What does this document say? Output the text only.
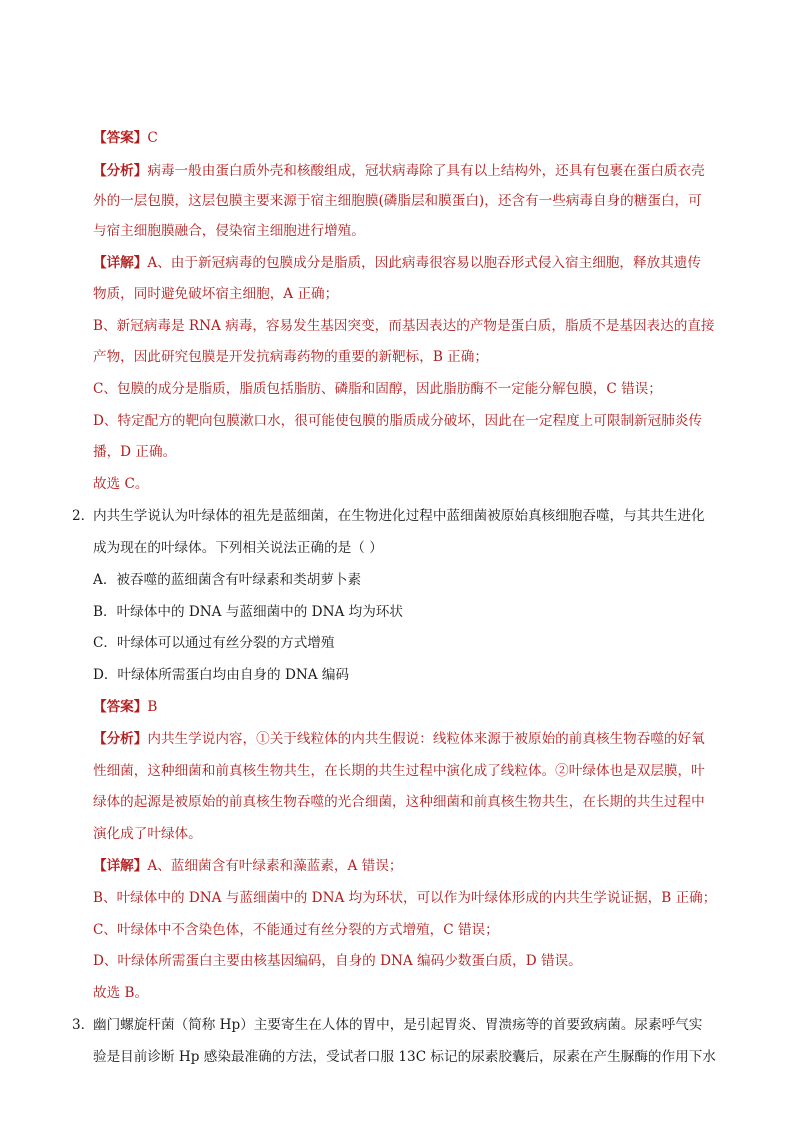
【答案】C
【分析】病毒一般由蛋白质外壳和核酸组成，冠状病毒除了具有以上结构外，还具有包裹在蛋白质衣壳
外的一层包膜，这层包膜主要来源于宿主细胞膜(磷脂层和膜蛋白)，还含有一些病毒自身的糖蛋白，可
与宿主细胞膜融合，侵染宿主细胞进行增殖。
【详解】A、由于新冠病毒的包膜成分是脂质，因此病毒很容易以胞吞形式侵入宿主细胞，释放其遗传
物质，同时避免破坏宿主细胞，A 正确；
B、新冠病毒是 RNA 病毒，容易发生基因突变，而基因表达的产物是蛋白质，脂质不是基因表达的直接
产物，因此研究包膜是开发抗病毒药物的重要的新靶标，B 正确；
C、包膜的成分是脂质，脂质包括脂肪、磷脂和固醇，因此脂肪酶不一定能分解包膜，C 错误；
D、特定配方的靶向包膜漱口水，很可能使包膜的脂质成分破坏，因此在一定程度上可限制新冠肺炎传
播，D 正确。
故选 C。
2．
内共生学说认为叶绿体的祖先是蓝细菌，在生物进化过程中蓝细菌被原始真核细胞吞噬，与其共生进化
成为现在的叶绿体。下列相关说法正确的是（ ）
A．被吞噬的蓝细菌含有叶绿素和类胡萝卜素
B．叶绿体中的 DNA 与蓝细菌中的 DNA 均为环状
C．叶绿体可以通过有丝分裂的方式增殖
D．叶绿体所需蛋白均由自身的 DNA 编码
【答案】B
【分析】内共生学说内容，①关于线粒体的内共生假说：线粒体来源于被原始的前真核生物吞噬的好氧
性细菌，这种细菌和前真核生物共生，在长期的共生过程中演化成了线粒体。②叶绿体也是双层膜，叶
绿体的起源是被原始的前真核生物吞噬的光合细菌，这种细菌和前真核生物共生，在长期的共生过程中
演化成了叶绿体。
【详解】A、蓝细菌含有叶绿素和藻蓝素，A 错误；
B、叶绿体中的 DNA 与蓝细菌中的 DNA 均为环状，可以作为叶绿体形成的内共生学说证据，B 正确；
C、叶绿体中不含染色体，不能通过有丝分裂的方式增殖，C 错误；
D、叶绿体所需蛋白主要由核基因编码，自身的 DNA 编码少数蛋白质，D 错误。
故选 B。
3．
幽门螺旋杆菌（简称 Hp）主要寄生在人体的胃中，是引起胃炎、胃溃疡等的首要致病菌。尿素呼气实
验是目前诊断 Hp 感染最准确的方法，受试者口服 13C 标记的尿素胶囊后，尿素在产生脲酶的作用下水
